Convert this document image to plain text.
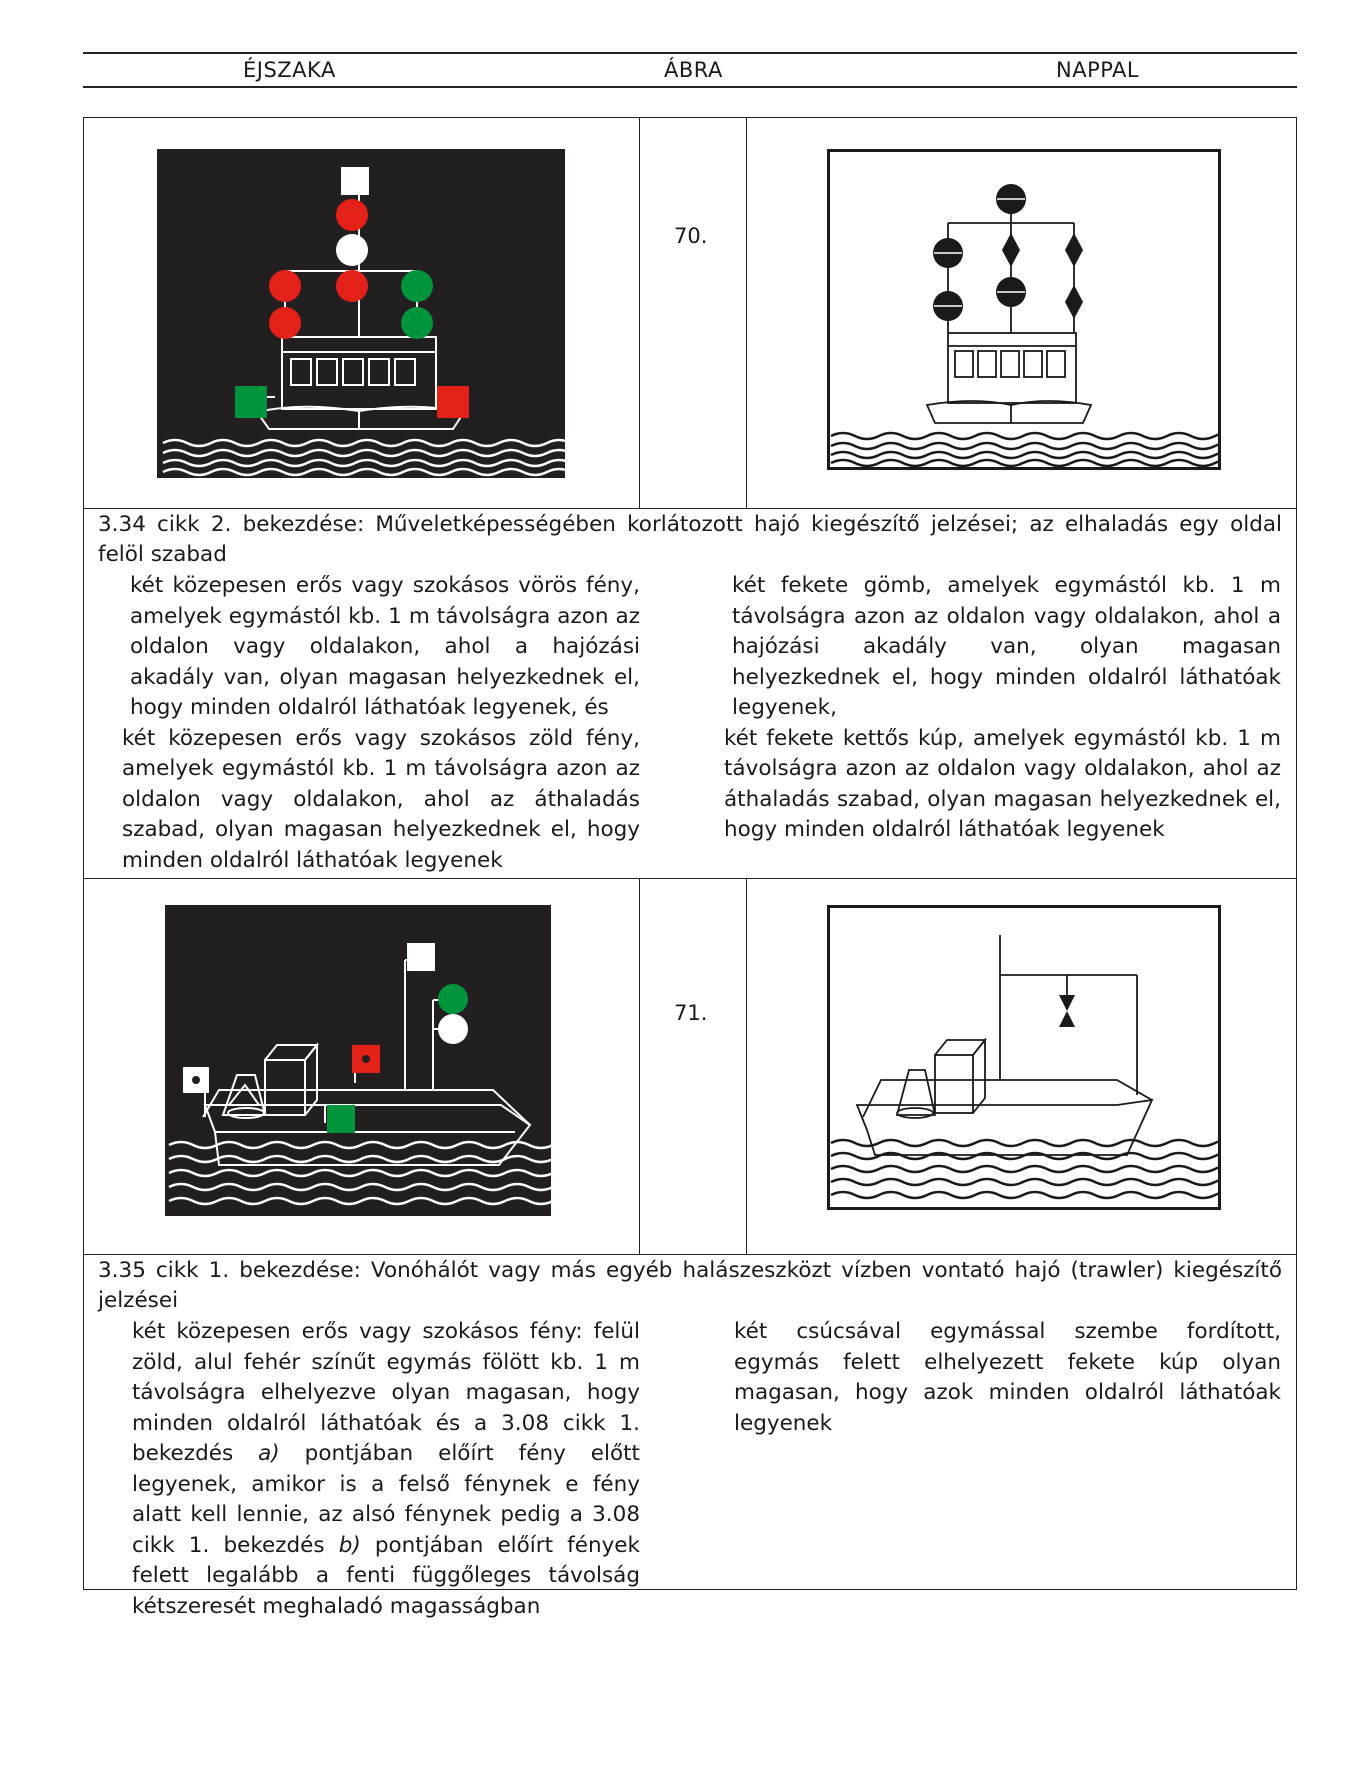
ÉJSZAKA	ÁBRA	NAPPAL
70.
3.34 cikk 2. bekezdése: Műveletképességében korlátozott hajó kiegészítő jelzései; az elhaladás egy oldal felöl szabad

két közepesen erős vagy szokásos vörös fény, amelyek egymástól kb. 1 m távolságra azon az oldalon vagy oldalakon, ahol a hajózási akadály van, olyan magasan helyezkednek el, hogy minden oldalról láthatóak legyenek, és

két közepesen erős vagy szokásos zöld fény, amelyek egymástól kb. 1 m távolságra azon az oldalon vagy oldalakon, ahol az áthaladás szabad, olyan magasan helyezkednek el, hogy minden oldalról láthatóak legyenek

két fekete gömb, amelyek egymástól kb. 1 m távolságra azon az oldalon vagy oldalakon, ahol a hajózási akadály van, olyan magasan helyezkednek el, hogy minden oldalról láthatóak legyenek,

két fekete kettős kúp, amelyek egymástól kb. 1 m távolságra azon az oldalon vagy oldalakon, ahol az áthaladás szabad, olyan magasan helyezkednek el, hogy minden oldalról láthatóak legyenek

71.
3.35 cikk 1. bekezdése: Vonóhálót vagy más egyéb halászeszközt vízben vontató hajó (trawler) kiegészítő jelzései

két közepesen erős vagy szokásos fény: felül zöld, alul fehér színűt egymás fölött kb. 1 m távolságra elhelyezve olyan magasan, hogy minden oldalról láthatóak és a 3.08 cikk 1. bekezdés a) pontjában előírt fény előtt legyenek, amikor is a felső fénynek e fény alatt kell lennie, az alsó fénynek pedig a 3.08 cikk 1. bekezdés b) pontjában előírt fények felett legalább a fenti függőleges távolság kétszeresét meghaladó magasságban

két csúcsával egymással szembe fordított, egymás felett elhelyezett fekete kúp olyan magasan, hogy azok minden oldalról láthatóak legyenek
